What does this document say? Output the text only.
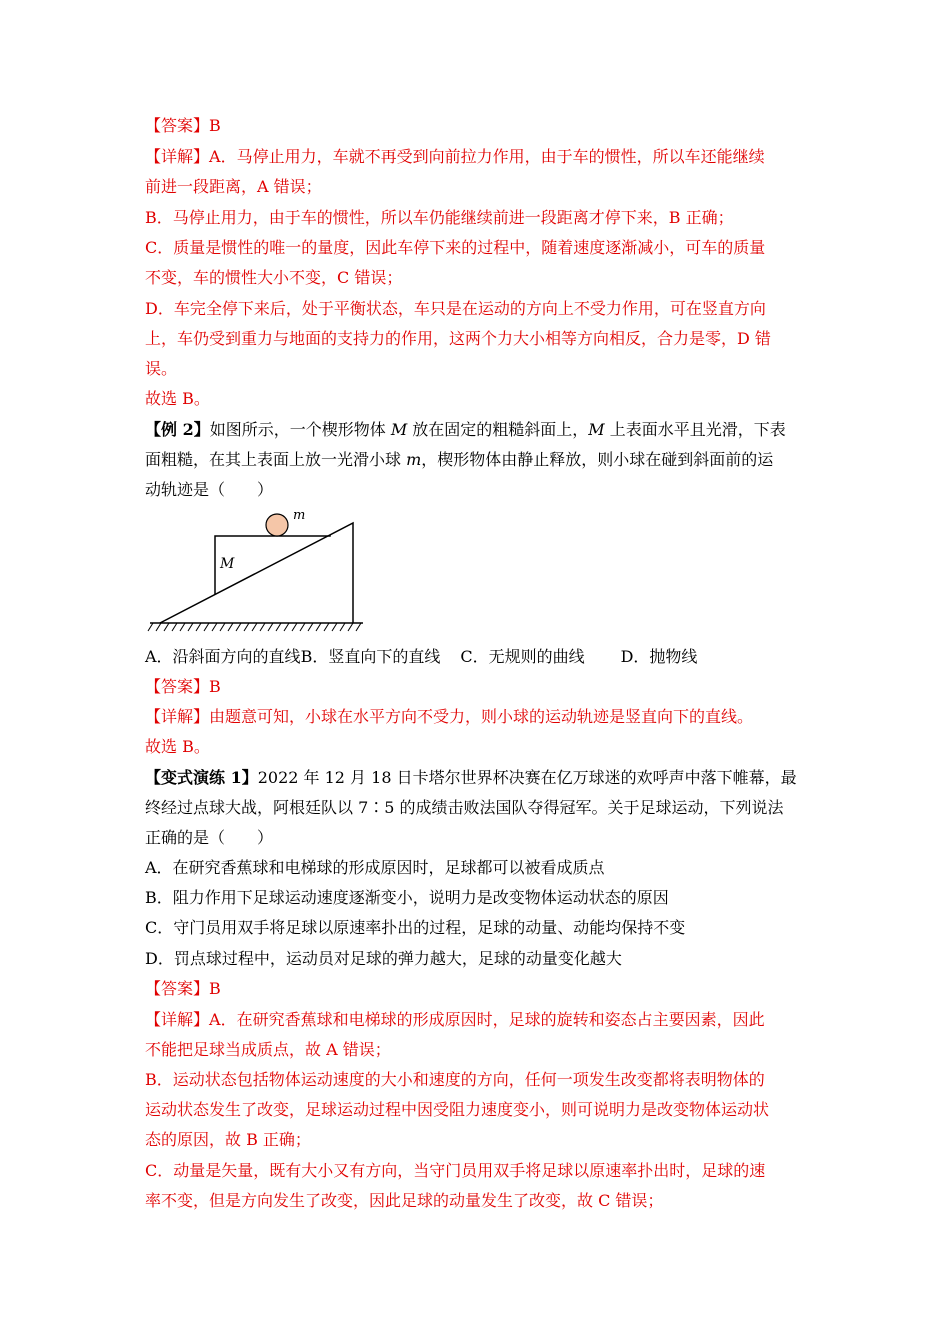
【答案】B
【详解】A．马停止用力，车就不再受到向前拉力作用，由于车的惯性，所以车还能继续
前进一段距离，A 错误；
B．马停止用力，由于车的惯性，所以车仍能继续前进一段距离才停下来，B 正确；
C．质量是惯性的唯一的量度，因此车停下来的过程中，随着速度逐渐减小，可车的质量
不变，车的惯性大小不变，C 错误；
D．车完全停下来后，处于平衡状态，车只是在运动的方向上不受力作用，可在竖直方向
上，车仍受到重力与地面的支持力的作用，这两个力大小相等方向相反，合力是零，D 错
误。
故选 B。
【例 2】如图所示，一个楔形物体 M 放在固定的粗糙斜面上，M 上表面水平且光滑，下表
面粗糙，在其上表面上放一光滑小球 m，楔形物体由静止释放，则小球在碰到斜面前的运
动轨迹是（　　）
m
M
A．沿斜面方向的直线B．竖直向下的直线 C．无规则的曲线 D．抛物线
【答案】B
【详解】由题意可知，小球在水平方向不受力，则小球的运动轨迹是竖直向下的直线。
故选 B。
【变式演练 1】2022 年 12 月 18 日卡塔尔世界杯决赛在亿万球迷的欢呼声中落下帷幕，最
终经过点球大战，阿根廷队以 7∶5 的成绩击败法国队夺得冠军。关于足球运动，下列说法
正确的是（　　）
A．在研究香蕉球和电梯球的形成原因时，足球都可以被看成质点
B．阻力作用下足球运动速度逐渐变小，说明力是改变物体运动状态的原因
C．守门员用双手将足球以原速率扑出的过程，足球的动量、动能均保持不变
D．罚点球过程中，运动员对足球的弹力越大，足球的动量变化越大
【答案】B
【详解】A．在研究香蕉球和电梯球的形成原因时，足球的旋转和姿态占主要因素，因此
不能把足球当成质点，故 A 错误；
B．运动状态包括物体运动速度的大小和速度的方向，任何一项发生改变都将表明物体的
运动状态发生了改变，足球运动过程中因受阻力速度变小，则可说明力是改变物体运动状
态的原因，故 B 正确；
C．动量是矢量，既有大小又有方向，当守门员用双手将足球以原速率扑出时，足球的速
率不变，但是方向发生了改变，因此足球的动量发生了改变，故 C 错误；
